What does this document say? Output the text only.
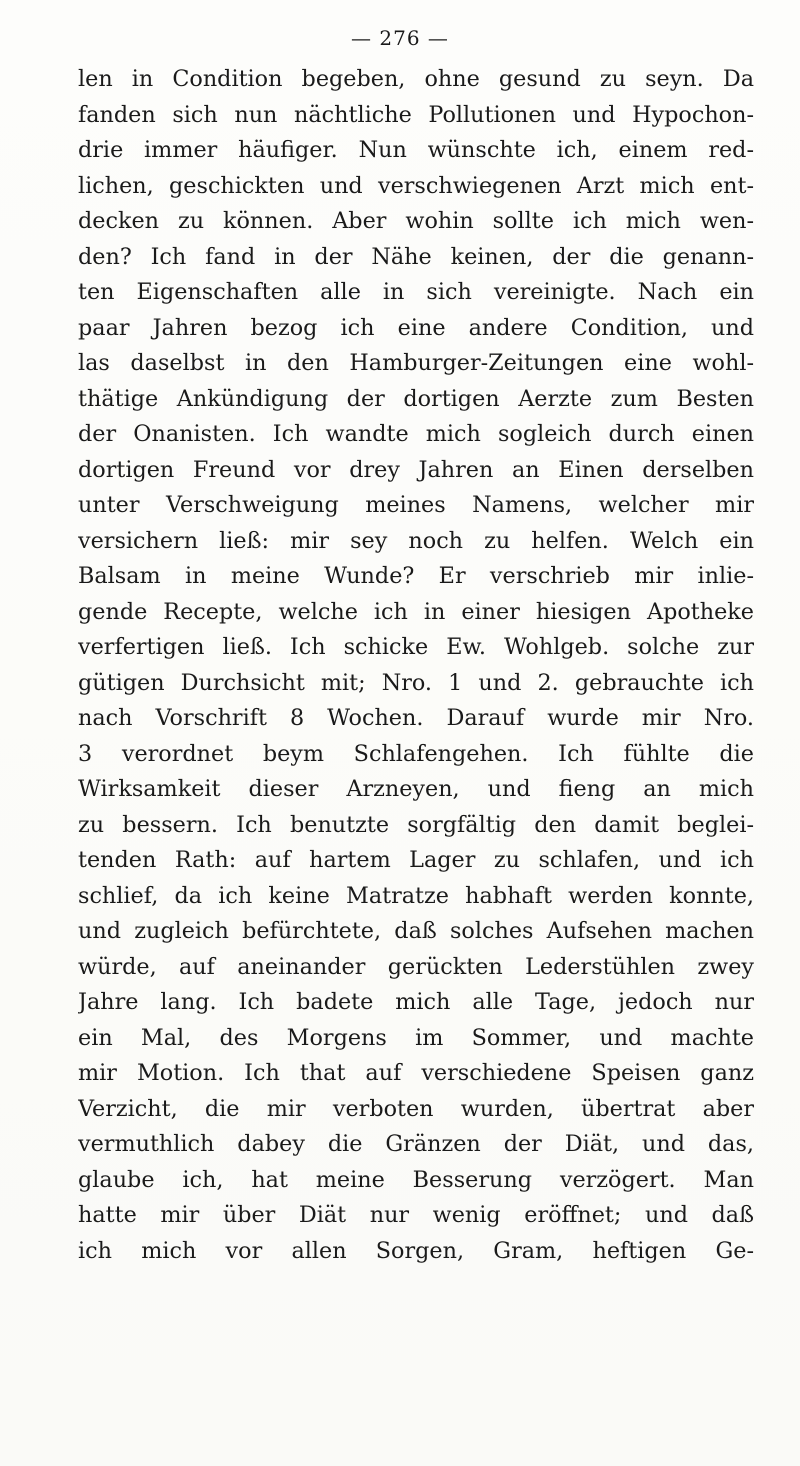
— 276 —
len in Condition begeben, ohne gesund zu seyn. Da
fanden sich nun nächtliche Pollutionen und Hypochon-
drie immer häufiger. Nun wünschte ich, einem red-
lichen, geschickten und verschwiegenen Arzt mich ent-
decken zu können. Aber wohin sollte ich mich wen-
den? Ich fand in der Nähe keinen, der die genann-
ten Eigenschaften alle in sich vereinigte. Nach ein
paar Jahren bezog ich eine andere Condition, und
las daselbst in den Hamburger-Zeitungen eine wohl-
thätige Ankündigung der dortigen Aerzte zum Besten
der Onanisten. Ich wandte mich sogleich durch einen
dortigen Freund vor drey Jahren an Einen derselben
unter Verschweigung meines Namens, welcher mir
versichern ließ: mir sey noch zu helfen. Welch ein
Balsam in meine Wunde? Er verschrieb mir inlie-
gende Recepte, welche ich in einer hiesigen Apotheke
verfertigen ließ. Ich schicke Ew. Wohlgeb. solche zur
gütigen Durchsicht mit; Nro. 1 und 2. gebrauchte ich
nach Vorschrift 8 Wochen. Darauf wurde mir Nro.
3 verordnet beym Schlafengehen. Ich fühlte die
Wirksamkeit dieser Arzneyen, und fieng an mich
zu bessern. Ich benutzte sorgfältig den damit beglei-
tenden Rath: auf hartem Lager zu schlafen, und ich
schlief, da ich keine Matratze habhaft werden konnte,
und zugleich befürchtete, daß solches Aufsehen machen
würde, auf aneinander gerückten Lederstühlen zwey
Jahre lang. Ich badete mich alle Tage, jedoch nur
ein Mal, des Morgens im Sommer, und machte
mir Motion. Ich that auf verschiedene Speisen ganz
Verzicht, die mir verboten wurden, übertrat aber
vermuthlich dabey die Gränzen der Diät, und das,
glaube ich, hat meine Besserung verzögert. Man
hatte mir über Diät nur wenig eröffnet; und daß
ich mich vor allen Sorgen, Gram, heftigen Ge-
